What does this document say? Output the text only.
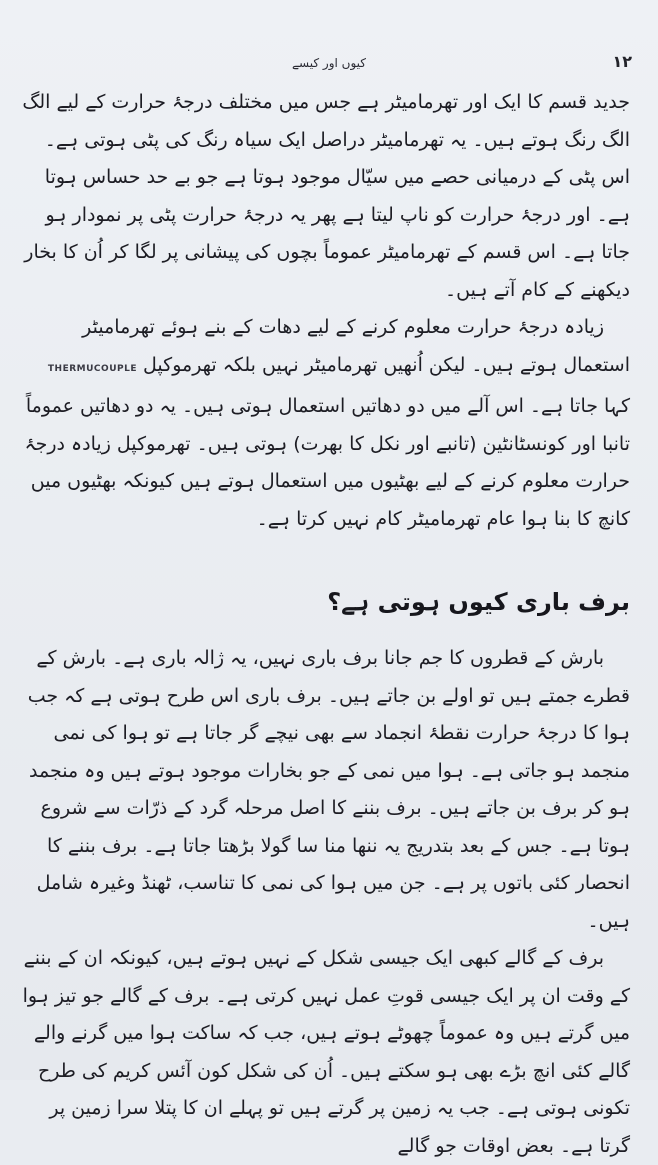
کیوں اور کیسے	١٢

جدید قسم کا ایک اور تھرمامیٹر ہے جس میں مختلف درجۂ حرارت کے لیے الگ الگ رنگ ہوتے ہیں۔ یہ تھرمامیٹر دراصل ایک سیاہ رنگ کی پٹی ہوتی ہے۔ اس پٹی کے درمیانی حصے میں سیّال موجود ہوتا ہے جو بے حد حساس ہوتا ہے۔ اور درجۂ حرارت کو ناپ لیتا ہے پھر یہ درجۂ حرارت پٹی پر نمودار ہو جاتا ہے۔ اس قسم کے تھرمامیٹر عموماً بچوں کی پیشانی پر لگا کر اُن کا بخار دیکھنے کے کام آتے ہیں۔

زیادہ درجۂ حرارت معلوم کرنے کے لیے دھات کے بنے ہوئے تھرمامیٹر استعمال ہوتے ہیں۔ لیکن اُنھیں تھرمامیٹر نہیں بلکہ تھرموکپل THERMUCOUPLE کہا جاتا ہے۔ اس آلے میں دو دھاتیں استعمال ہوتی ہیں۔ یہ دو دھاتیں عموماً تانبا اور کونسٹانٹین (تانبے اور نکل کا بھرت) ہوتی ہیں۔ تھرموکپل زیادہ درجۂ حرارت معلوم کرنے کے لیے بھٹیوں میں استعمال ہوتے ہیں کیونکہ بھٹیوں میں کانچ کا بنا ہوا عام تھرمامیٹر کام نہیں کرتا ہے۔

برف باری کیوں ہوتی ہے؟

بارش کے قطروں کا جم جانا برف باری نہیں، یہ ژالہ باری ہے۔ بارش کے قطرے جمتے ہیں تو اولے بن جاتے ہیں۔ برف باری اس طرح ہوتی ہے کہ جب ہوا کا درجۂ حرارت نقطۂ انجماد سے بھی نیچے گر جاتا ہے تو ہوا کی نمی منجمد ہو جاتی ہے۔ ہوا میں نمی کے جو بخارات موجود ہوتے ہیں وہ منجمد ہو کر برف بن جاتے ہیں۔ برف بننے کا اصل مرحلہ گرد کے ذرّات سے شروع ہوتا ہے۔ جس کے بعد بتدریج یہ ننھا منا سا گولا بڑھتا جاتا ہے۔ برف بننے کا انحصار کئی باتوں پر ہے۔ جن میں ہوا کی نمی کا تناسب، ٹھنڈ وغیرہ شامل ہیں۔

برف کے گالے کبھی ایک جیسی شکل کے نہیں ہوتے ہیں، کیونکہ ان کے بننے کے وقت ان پر ایک جیسی قوتِ عمل نہیں کرتی ہے۔ برف کے گالے جو تیز ہوا میں گرتے ہیں وہ عموماً چھوٹے ہوتے ہیں، جب کہ ساکت ہوا میں گرنے والے گالے کئی انچ بڑے بھی ہو سکتے ہیں۔ اُن کی شکل کون آئس کریم کی طرح تکونی ہوتی ہے۔ جب یہ زمین پر گرتے ہیں تو پہلے ان کا پتلا سرا زمین پر گرتا ہے۔ بعض اوقات جو گالے
